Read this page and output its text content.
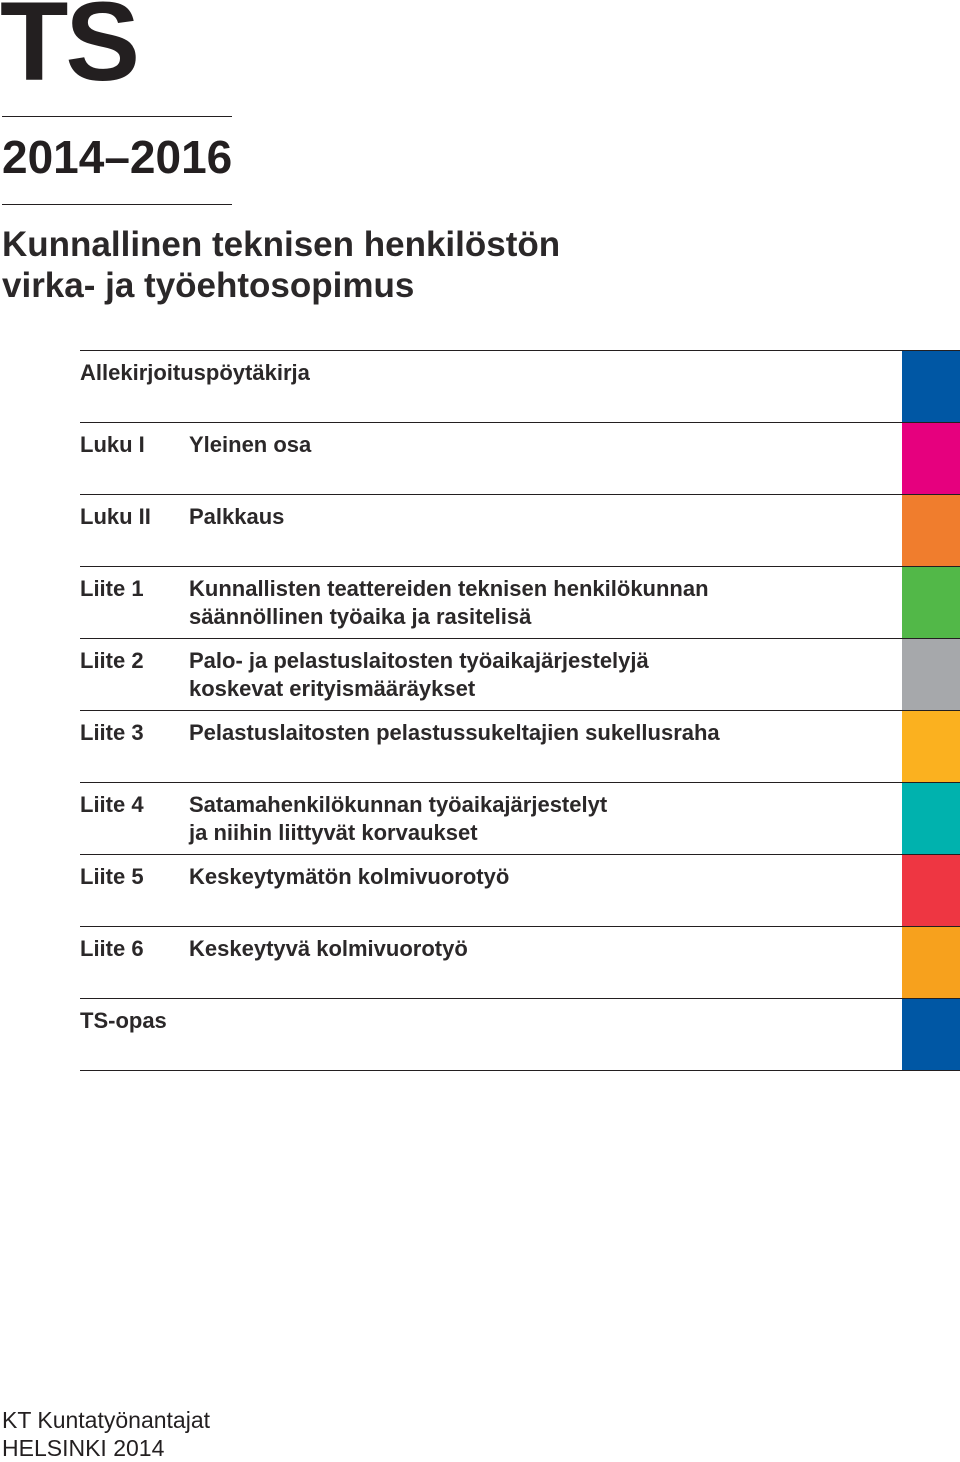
TS
2014–2016
Kunnallinen teknisen henkilöstön
virka- ja työehtosopimus
Allekirjoituspöytäkirja
Luku I Yleinen osa
Luku II Palkkaus
Liite 1 Kunnallisten teattereiden teknisen henkilökunnan
säännöllinen työaika ja rasitelisä
Liite 2 Palo- ja pelastuslaitosten työaikajärjestelyjä
koskevat erityismääräykset
Liite 3 Pelastuslaitosten pelastussukeltajien sukellusraha
Liite 4 Satamahenkilökunnan työaikajärjestelyt
ja niihin liittyvät korvaukset
Liite 5 Keskeytymätön kolmivuorotyö
Liite 6 Keskeytyvä kolmivuorotyö
TS-opas
KT Kuntatyönantajat
HELSINKI 2014
